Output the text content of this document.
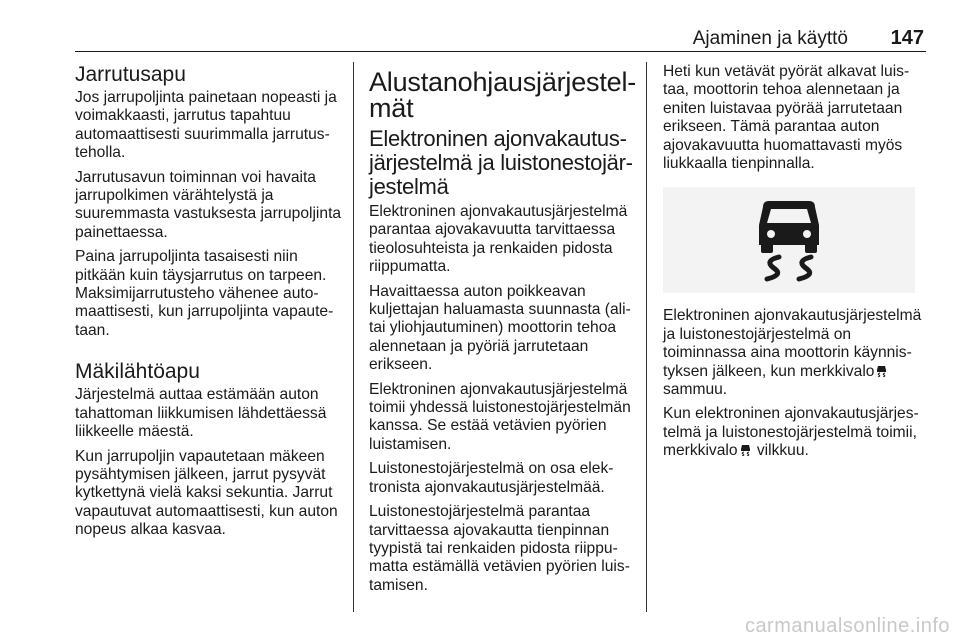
Ajaminen ja käyttö 147
Jarrutusapu

Jos jarrupoljinta painetaan nopeasti ja voimakkaasti, jarrutus tapahtuu automaattisesti suurimmalla jarrutusteholla.

Jarrutusavun toiminnan voi havaita jarrupolkimen värähtelystä ja suuremmasta vastuksesta jarrupoljinta painettaessa.

Paina jarrupoljinta tasaisesti niin pitkään kuin täysjarrutus on tarpeen. Maksimijarrutusteho vähenee automaattisesti, kun jarrupoljinta vapautetaan.

Mäkilähtöapu

Järjestelmä auttaa estämään auton tahattoman liikkumisen lähdettäessä liikkeelle mäestä.

Kun jarrupoljin vapautetaan mäkeen pysähtymisen jälkeen, jarrut pysyvät kytkettynä vielä kaksi sekuntia. Jarrut vapautuvat automaattisesti, kun auton nopeus alkaa kasvaa.

Alustanohjausjärjestelmät
Elektroninen ajonvakautusjärjestelmä ja luistonestojärjestelmä

Elektroninen ajonvakautusjärjestelmä parantaa ajovakavuutta tarvittaessa tieolosuhteista ja renkaiden pidosta riippumatta.

Havaittaessa auton poikkeavan kuljettajan haluamasta suunnasta (ali- tai yliohjautuminen) moottorin tehoa alennetaan ja pyöriä jarrutetaan erikseen.

Elektroninen ajonvakautusjärjestelmä toimii yhdessä luistonestojärjestelmän kanssa. Se estää vetävien pyörien luistamisen.

Luistonestojärjestelmä on osa elektronista ajonvakautusjärjestelmää.

Luistonestojärjestelmä parantaa tarvittaessa ajovakautta tienpinnan tyypistä tai renkaiden pidosta riippumatta estämällä vetävien pyörien luistamisen.

Heti kun vetävät pyörät alkavat luistaa, moottorin tehoa alennetaan ja eniten luistavaa pyörää jarrutetaan erikseen. Tämä parantaa auton ajovakavuutta huomattavasti myös liukkaalla tienpinnalla.

Elektroninen ajonvakautusjärjestelmä ja luistonestojärjestelmä on toiminnassa aina moottorin käynnistyksen jälkeen, kun merkkivalo sammuu.

Kun elektroninen ajonvakautusjärjestelmä ja luistonestojärjestelmä toimii, merkkivalo vilkkuu.

carmanualsonline.info
